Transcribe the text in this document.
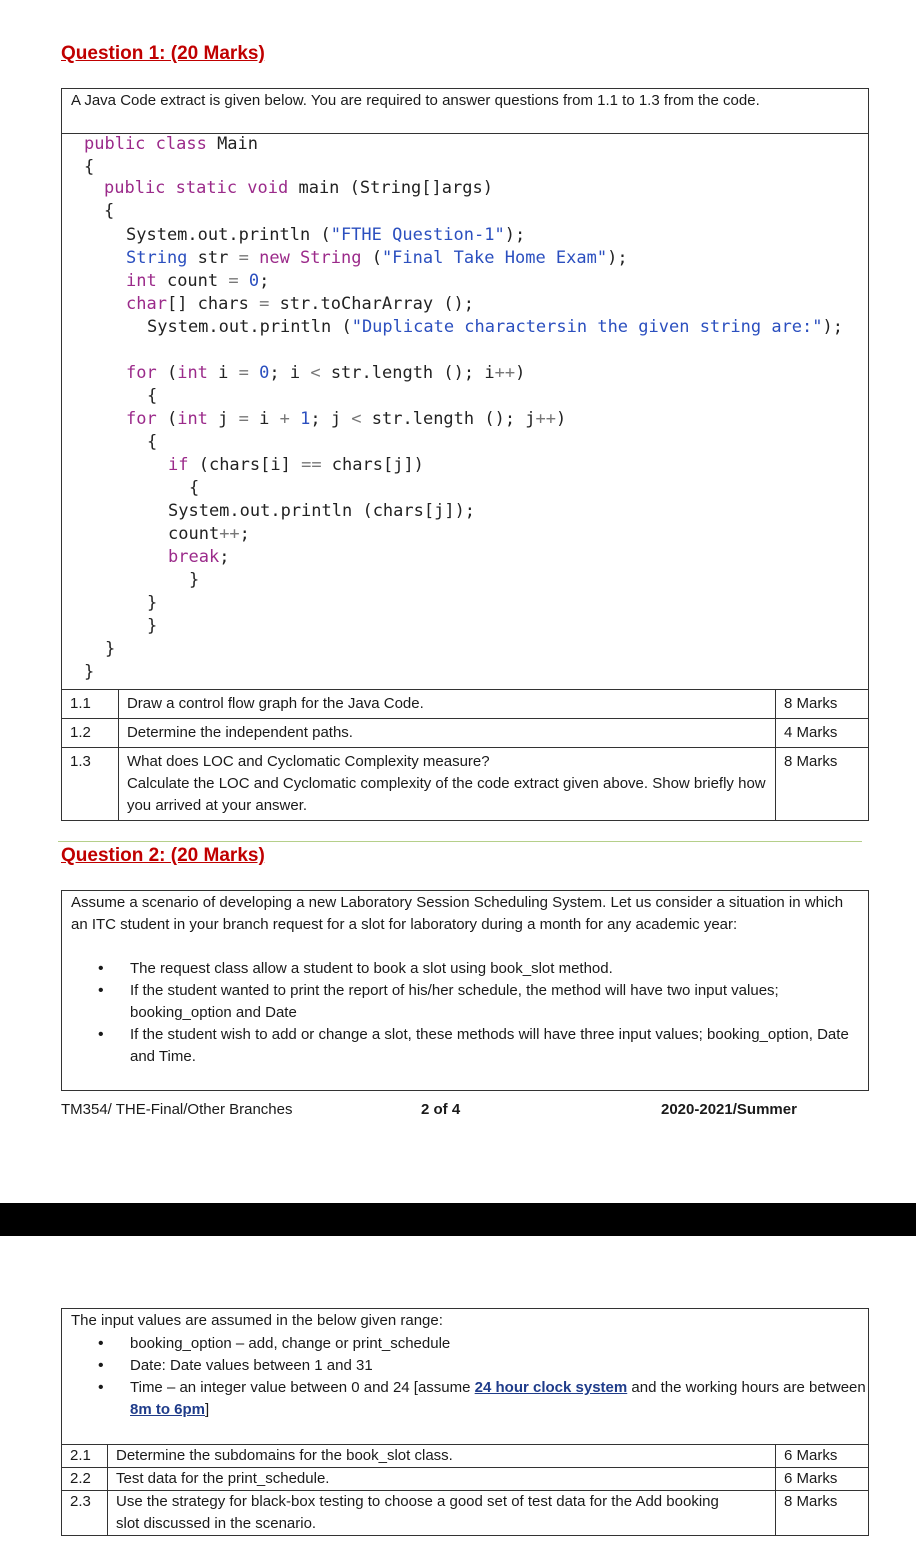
Question 1: (20 Marks)
A Java Code extract is given below. You are required to answer questions from 1.1 to 1.3 from the code.
public class Main
{
public static void main (String[]args)
{
System.out.println ("FTHE Question-1");
String str = new String ("Final Take Home Exam");
int count = 0;
char[] chars = str.toCharArray ();
System.out.println ("Duplicate charactersin the given string are:");
for (int i = 0; i < str.length (); i++)
{
for (int j = i + 1; j < str.length (); j++)
{
if (chars[i] == chars[j])
{
System.out.println (chars[j]);
count++;
break;
}
}
}
}
}
1.1	Draw a control flow graph for the Java Code.	8 Marks
1.2	Determine the independent paths.	4 Marks
1.3	What does LOC and Cyclomatic Complexity measure?
Calculate the LOC and Cyclomatic complexity of the code extract given above. Show briefly how you arrived at your answer.	8 Marks
Question 2: (20 Marks)
Assume a scenario of developing a new Laboratory Session Scheduling System. Let us consider a situation in which an ITC student in your branch request for a slot for laboratory during a month for any academic year:
• The request class allow a student to book a slot using book_slot method.
• If the student wanted to print the report of his/her schedule, the method will have two input values; booking_option and Date
• If the student wish to add or change a slot, these methods will have three input values; booking_option, Date and Time.
TM354/ THE-Final/Other Branches	2 of 4	2020-2021/Summer
The input values are assumed in the below given range:
• booking_option – add, change or print_schedule
• Date: Date values between 1 and 31
• Time – an integer value between 0 and 24 [assume 24 hour clock system and the working hours are between 8m to 6pm]
2.1	Determine the subdomains for the book_slot class.	6 Marks
2.2	Test data for the print_schedule.	6 Marks
2.3	Use the strategy for black-box testing to choose a good set of test data for the Add booking slot discussed in the scenario.	8 Marks
